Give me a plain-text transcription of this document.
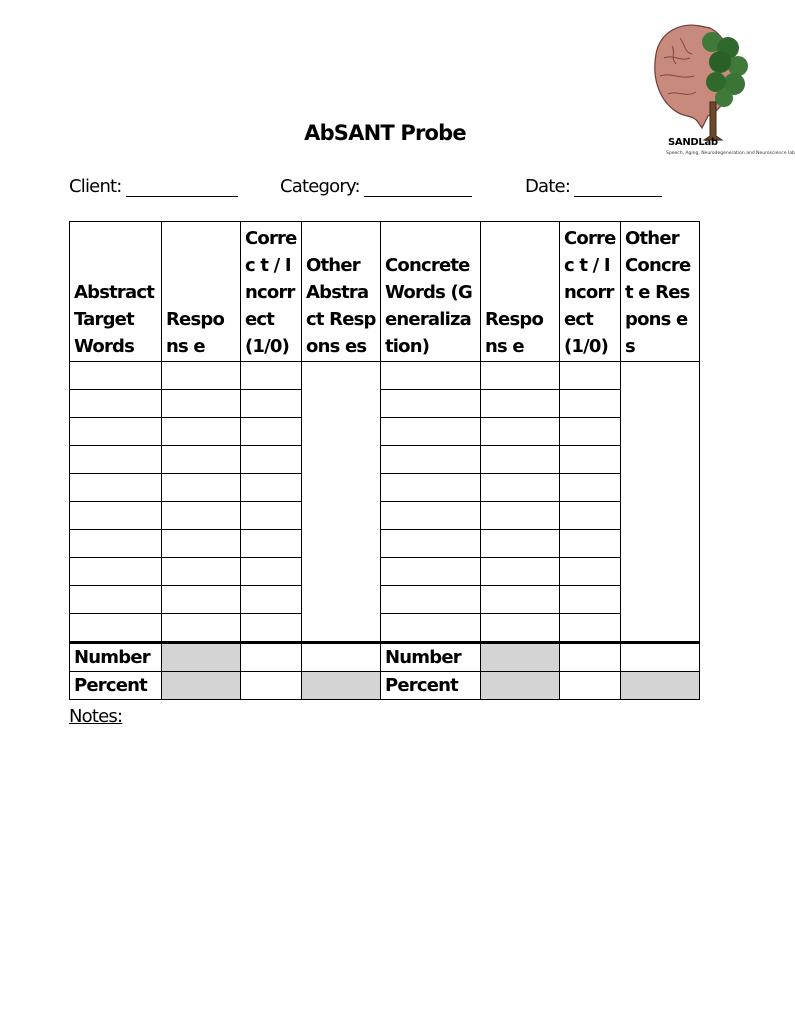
SANDLab
Speech, Aging, Neurodegeneration and Neuroscience lab
AbSANT Probe
Client:	Category:	Date:
Abstract Target Words	Respons e	Correc t / Incorr ect (1/0)	Other Abstract Respons es	Concrete Words (Generaliza tion)	Respons e	Correc t / Incorr ect (1/0)	Other Concret e Respons es

Number				Number			
Percent				Percent			
Notes:
